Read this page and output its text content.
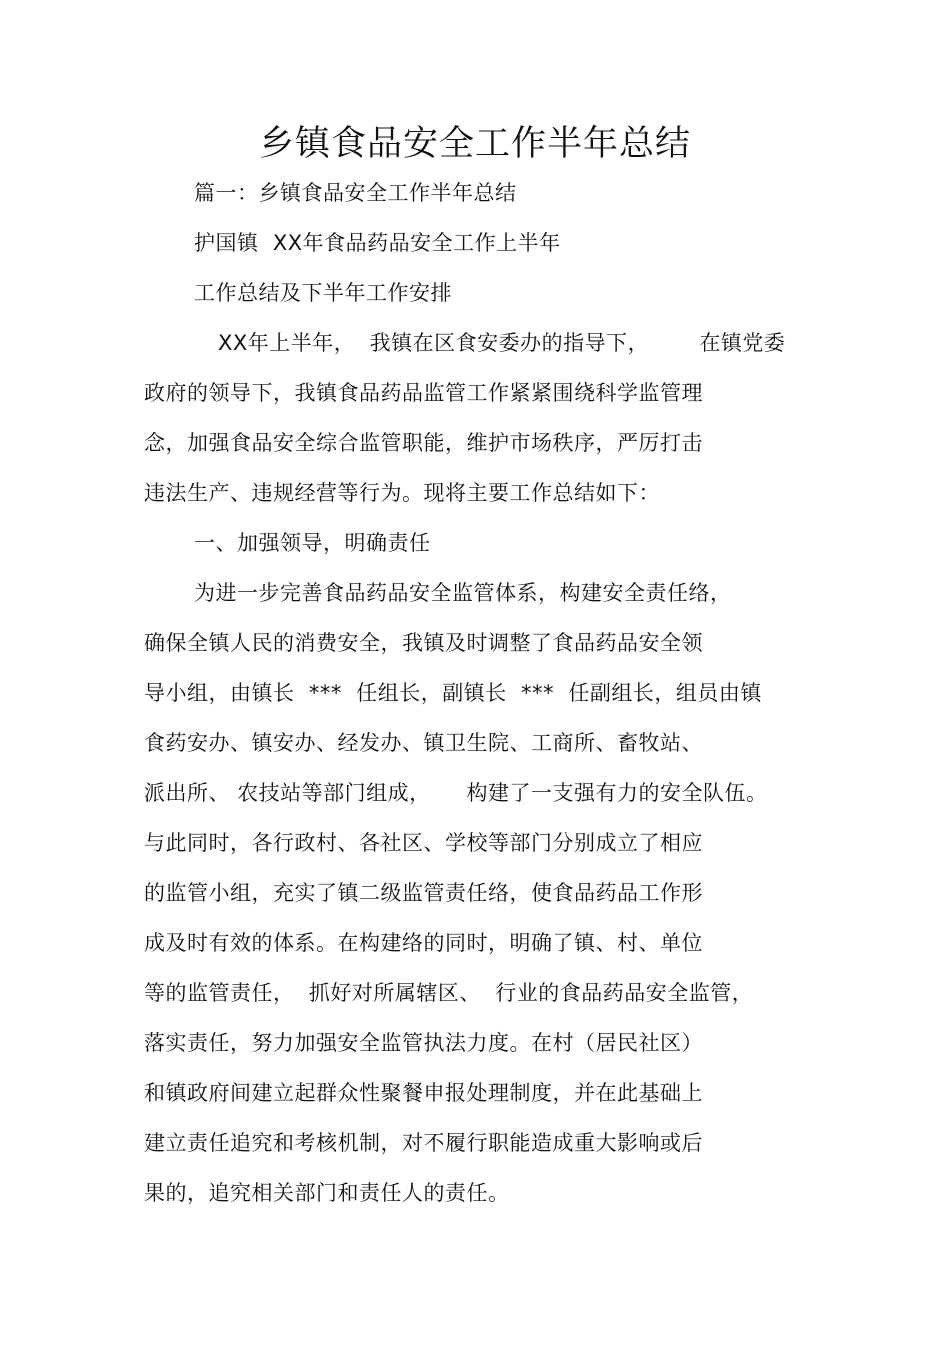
乡镇食品安全工作半年总结
篇一：乡镇食品安全工作半年总结
护国镇  XX年食品药品安全工作上半年
工作总结及下半年工作安排
XX年上半年，  我镇在区食安委办的指导下，       在镇党委
政府的领导下，我镇食品药品监管工作紧紧围绕科学监管理
念，加强食品安全综合监管职能，维护市场秩序，严厉打击
违法生产、违规经营等行为。现将主要工作总结如下：
一、加强领导，明确责任
为进一步完善食品药品安全监管体系，构建安全责任络，
确保全镇人民的消费安全，我镇及时调整了食品药品安全领
导小组，由镇长  ***  任组长，副镇长  ***  任副组长，组员由镇
食药安办、镇安办、经发办、镇卫生院、工商所、畜牧站、
派出所、 农技站等部门组成，     构建了一支强有力的安全队伍。
与此同时，各行政村、各社区、学校等部门分别成立了相应
的监管小组，充实了镇二级监管责任络，使食品药品工作形
成及时有效的体系。在构建络的同时，明确了镇、村、单位
等的监管责任，  抓好对所属辖区、  行业的食品药品安全监管，
落实责任，努力加强安全监管执法力度。在村（居民社区）
和镇政府间建立起群众性聚餐申报处理制度，并在此基础上
建立责任追究和考核机制，对不履行职能造成重大影响或后
果的，追究相关部门和责任人的责任。
